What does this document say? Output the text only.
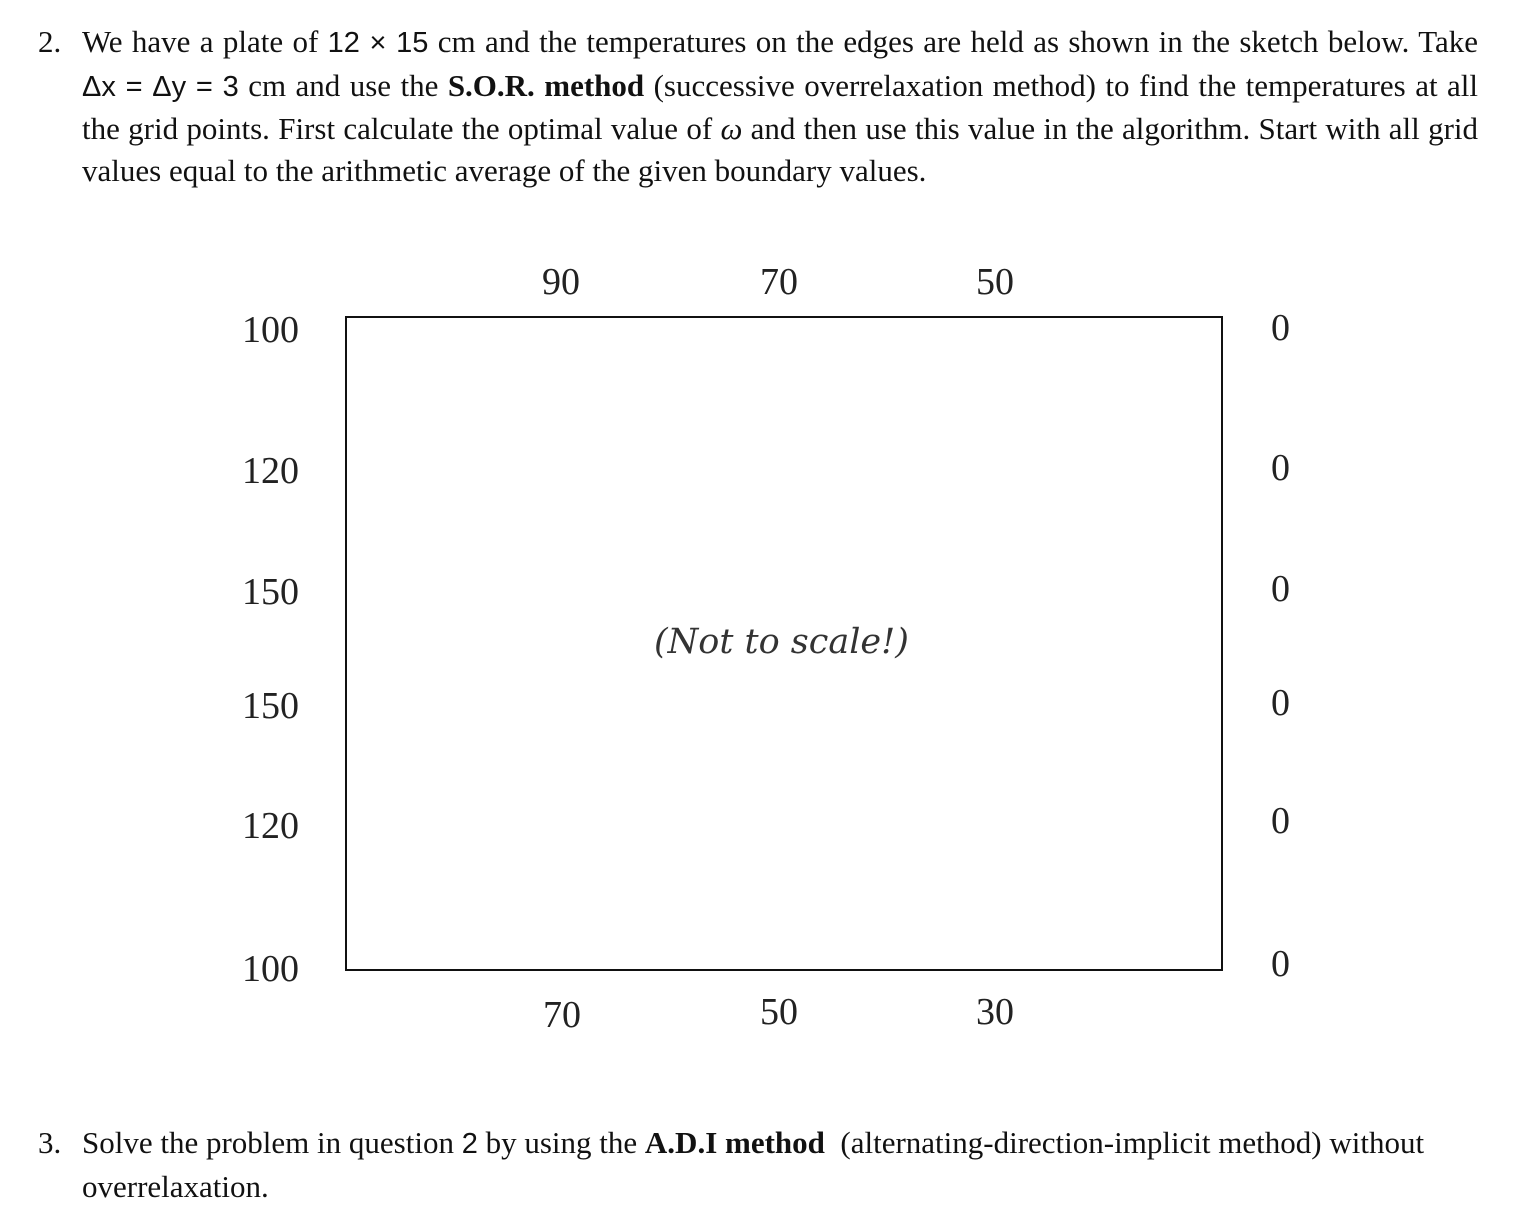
2. We have a plate of 12 × 15 cm and the temperatures on the edges are held as shown in the sketch below. Take Δx = Δy = 3 cm and use the S.O.R. method (successive overrelaxation method) to find the temperatures at all the grid points. First calculate the optimal value of ω and then use this value in the algorithm. Start with all grid values equal to the arithmetic average of the given boundary values.
90	70	50
100
120
150
150
120
100
0
0
0
0
0
0
(Not to scale!)
70	50	30
3. Solve the problem in question 2 by using the A.D.I method  (alternating-direction-implicit method) without overrelaxation.
